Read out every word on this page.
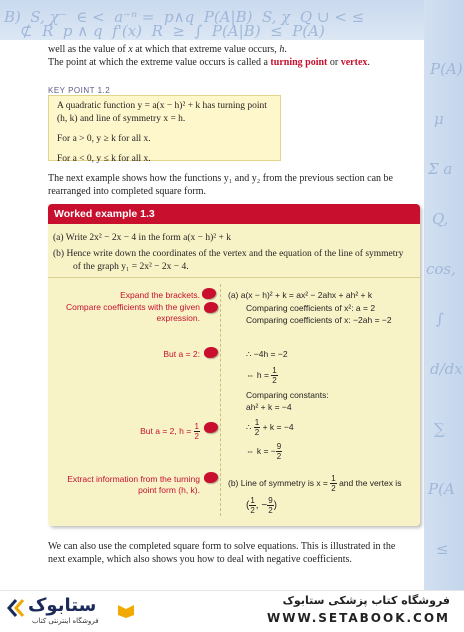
B)  S, χ⁻  ∈ <  a⁻ⁿ =  p∧q  P(A|B)  S, χ  Q ∪ < ≤
⊄  R  p ∧ q  f'(x)  R  ≥  ∫  P(A|B)  ≤  P(A)
P(A)
μ
Σ a
Q,
cos,
∫
d/dx
∑
P(A
≤
well as the value of x at which that extreme value occurs, h.
The point at which the extreme value occurs is called a turning point or vertex.
KEY POINT 1.2

A quadratic function y = a(x − h)² + k has turning point

(h, k) and line of symmetry x = h.

For a > 0, y ≥ k for all x.

For a < 0, y ≤ k for all x.

The next example shows how the functions y₁ and y₂ from the previous section can be rearranged into completed square form.
Worked example 1.3
(a) Write 2x² − 2x − 4 in the form a(x − h)² + k
(b) Hence write down the coordinates of the vertex and the equation of the line of symmetry
of the graph y₁ = 2x² − 2x − 4.
Expand the brackets.
Compare coefficients with the given
expression.
But a = 2:
But a = 2, $h = \frac{1}{2}$
Extract information from the turning
point form (h, k).
(a) a(x − h)² + k = ax² − 2ahx + ah² + k
Comparing coefficients of x²: a = 2
Comparing coefficients of x: −2ah = −2
∴ −4h = −2
⇔ $h = \frac{1}{2}$
Comparing constants:
ah² + k = −4
∴ $\frac{1}{2} + k = -4$
⇔ k = − $\frac{9}{2}$
(b) Line of symmetry is $x = \frac{1}{2}$ and the vertex is
( $\frac{1}{2}$ , − $\frac{9}{2}$ )
We can also use the completed square form to solve equations. This is illustrated in the next example, which also shows you how to deal with negative coefficients.
ستابوک
فروشگاه اینترنتی کتاب
فروشگاه کتاب پزشکی ستابوک
WWW.SETABOOK.COM
